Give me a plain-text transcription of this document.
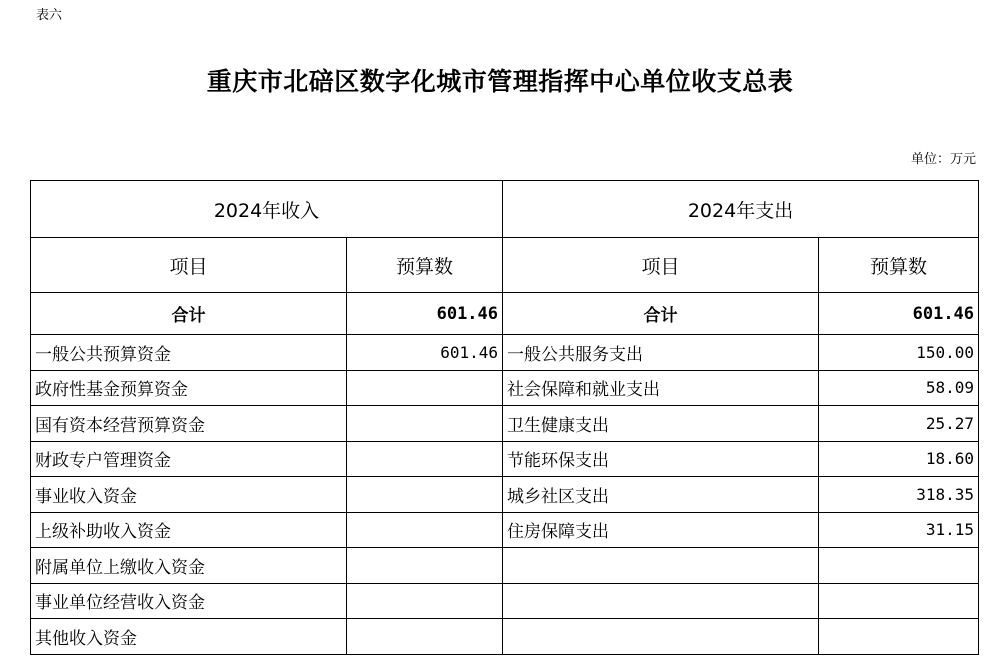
表六
重庆市北碚区数字化城市管理指挥中心单位收支总表
单位：万元
2024年收入		2024年支出	
项目	预算数	项目	预算数
合计	601.46	合计	601.46
一般公共预算资金	601.46	一般公共服务支出	150.00
政府性基金预算资金		社会保障和就业支出	58.09
国有资本经营预算资金		卫生健康支出	25.27
财政专户管理资金		节能环保支出	18.60
事业收入资金		城乡社区支出	318.35
上级补助收入资金		住房保障支出	31.15
附属单位上缴收入资金			
事业单位经营收入资金			
其他收入资金			
